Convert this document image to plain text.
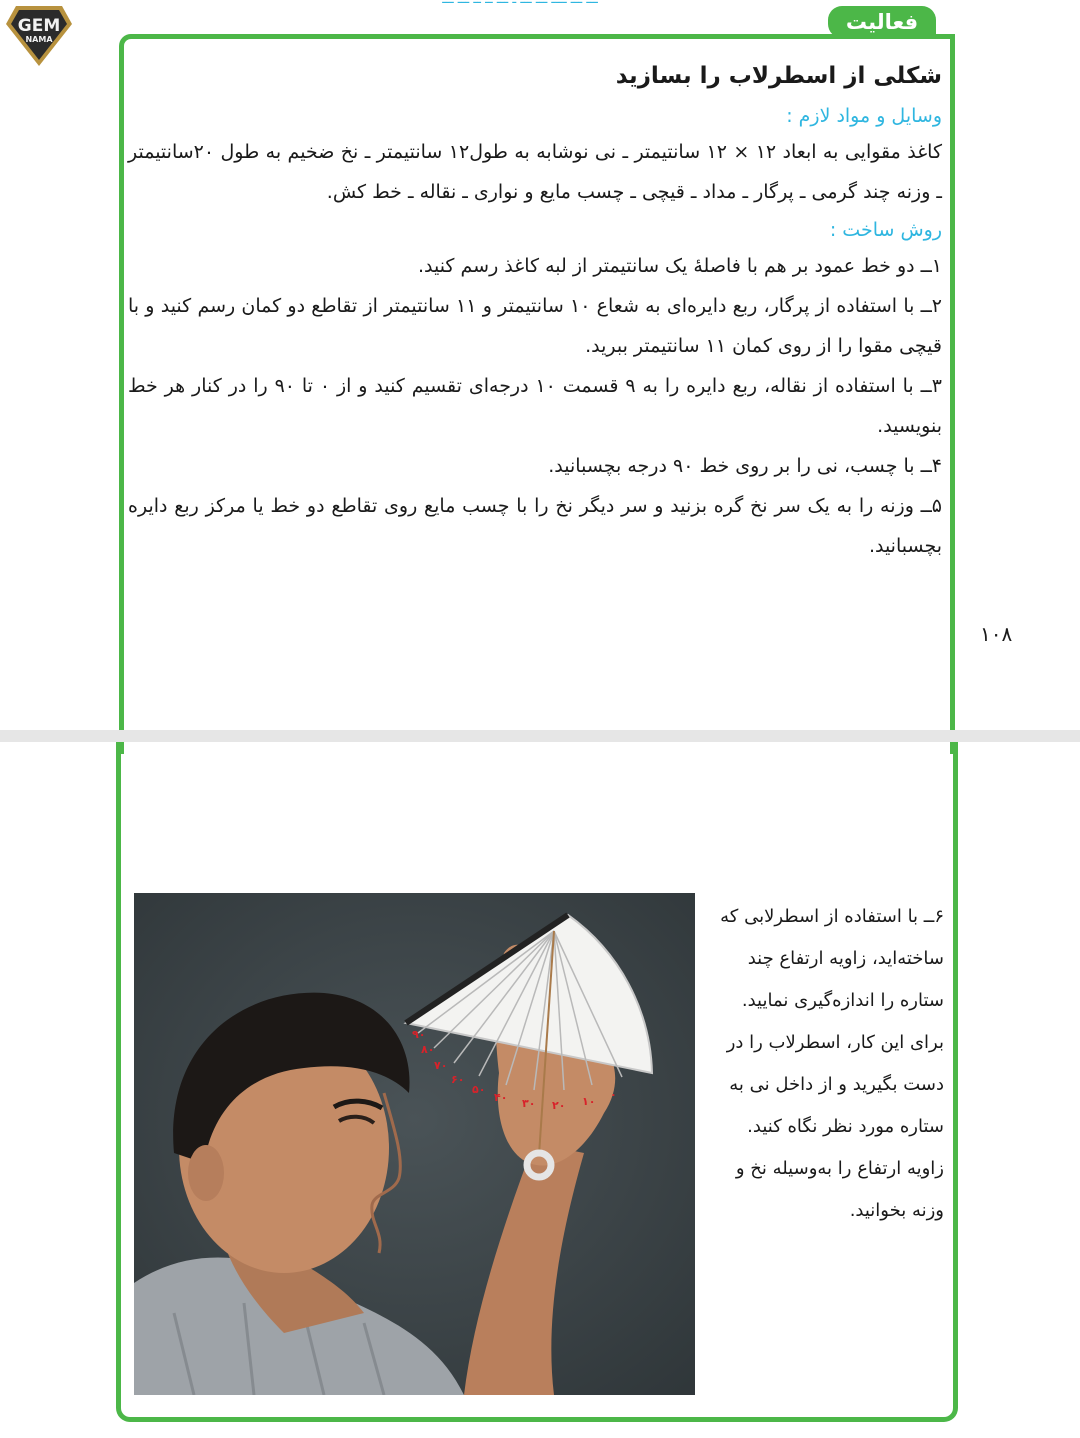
GEM
NAMA
فعالیت
شکلی از اسطرلاب را بسازید
وسایل و مواد لازم :
کاغذ مقوایی به ابعاد ۱۲ × ۱۲ سانتیمتر ـ نی نوشابه به طول۱۲ سانتیمتر ـ نخ ضخیم به طول ۲۰سانتیمتر ـ وزنه چند گرمی ـ پرگار ـ مداد ـ قیچی ـ چسب مایع و نواری ـ نقاله ـ خط کش.
روش ساخت :
۱ــ دو خط عمود بر هم با فاصلهٔ یک سانتیمتر از لبه کاغذ رسم کنید.
۲ــ با استفاده از پرگار، ربع دایره‌ای به شعاع ۱۰ سانتیمتر و ۱۱ سانتیمتر از تقاطع دو کمان رسم کنید و با قیچی مقوا را از روی کمان ۱۱ سانتیمتر ببرید.
۳ــ با استفاده از نقاله، ربع دایره را به ۹ قسمت ۱۰ درجه‌ای تقسیم کنید و از ۰ تا ۹۰ را در کنار هر خط بنویسید.
۴ــ با چسب، نی را بر روی خط ۹۰ درجه بچسبانید.
۵ــ وزنه را به یک سر نخ گره بزنید و سر دیگر نخ را با چسب مایع روی تقاطع دو خط یا مرکز ربع دایره بچسبانید.
۱۰۸
۹۰
۸۰
۷۰
۶۰
۵۰
۴۰ ۳۰ ۲۰ ۱۰
۰
۶ــ با استفاده از اسطرلابی که ساخته‌اید، زاویه ارتفاع چند ستاره را اندازه‌گیری نمایید. برای این کار، اسطرلاب را در دست بگیرید و از داخل نی به ستاره مورد نظر نگاه کنید. زاویه ارتفاع را به‌وسیله نخ و وزنه بخوانید.
